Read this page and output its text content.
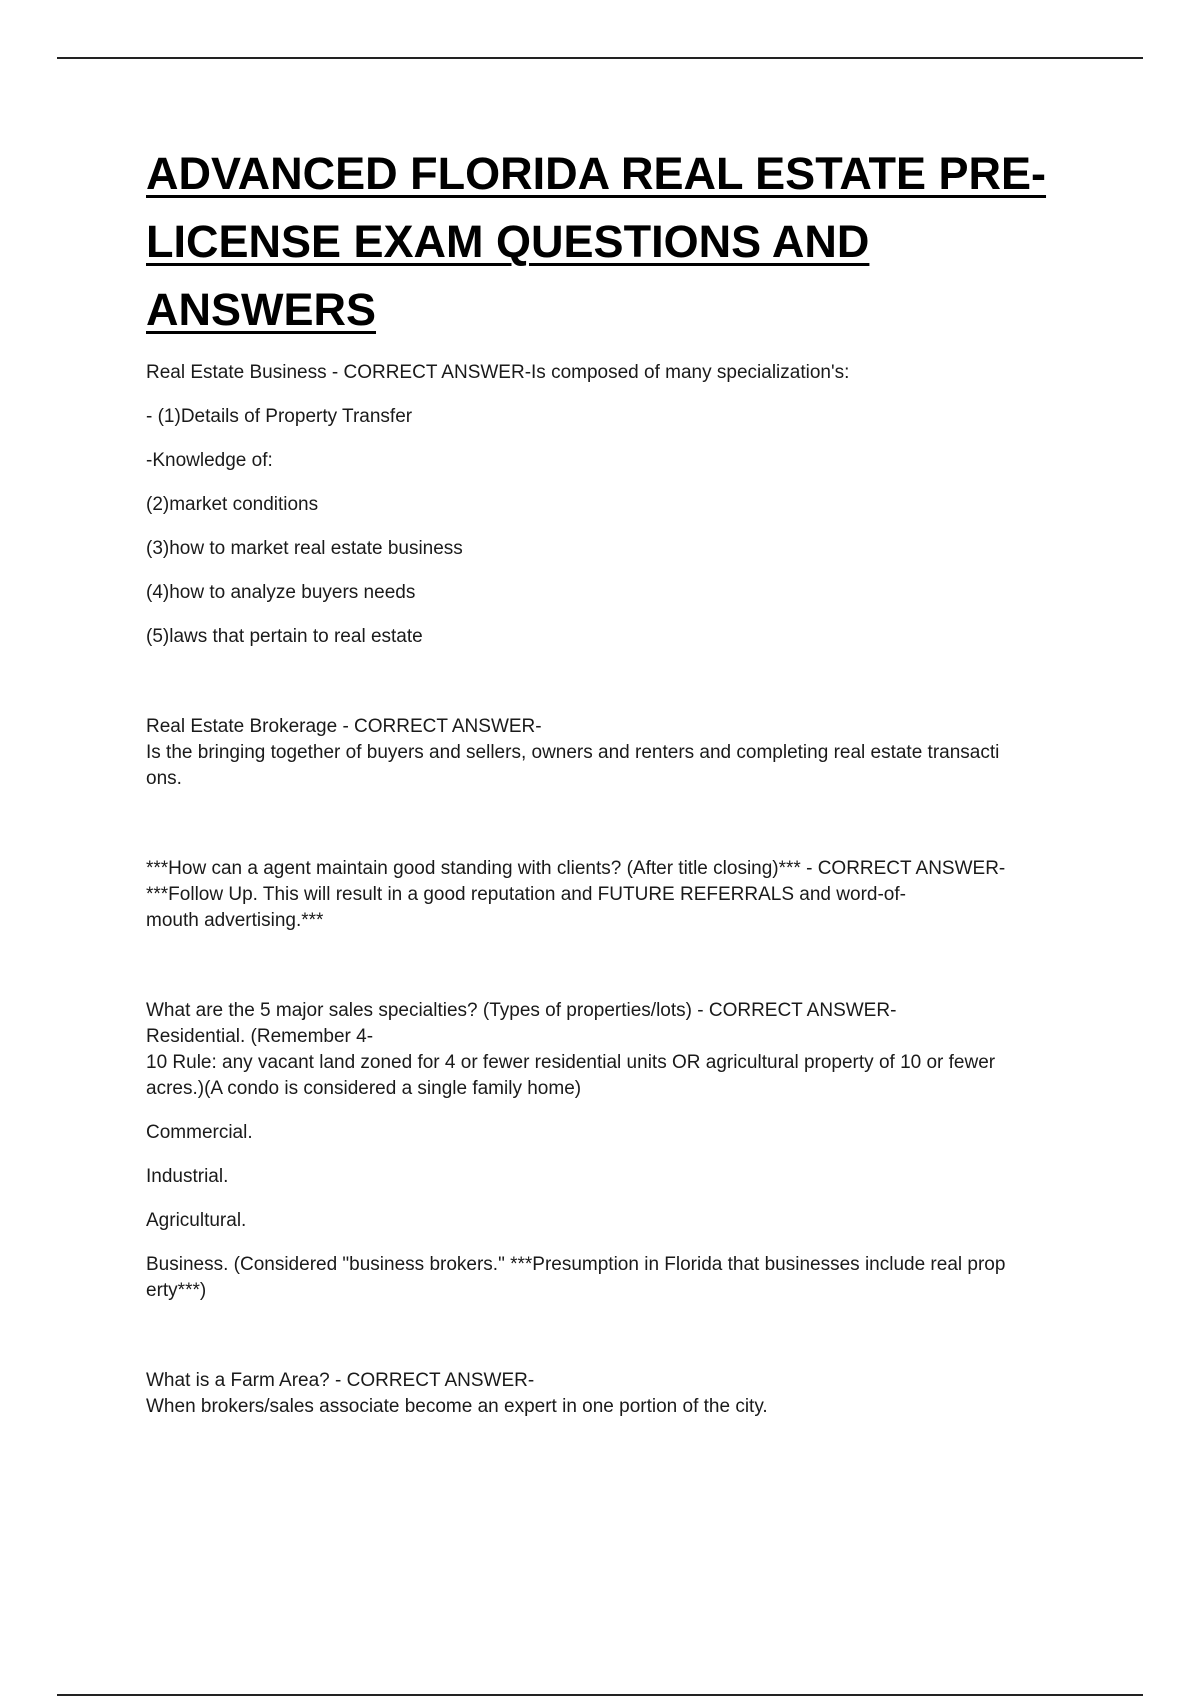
ADVANCED FLORIDA REAL ESTATE PRE-
LICENSE EXAM QUESTIONS AND ANSWERS

Real Estate Business - CORRECT ANSWER-Is composed of many specialization's:

- (1)Details of Property Transfer

-Knowledge of:

(2)market conditions

(3)how to market real estate business

(4)how to analyze buyers needs

(5)laws that pertain to real estate

Real Estate Brokerage - CORRECT ANSWER-

Is the bringing together of buyers and sellers, owners and renters and completing real estate transacti

ons.

***How can a agent maintain good standing with clients? (After title closing)*** - CORRECT ANSWER-

***Follow Up. This will result in a good reputation and FUTURE REFERRALS and word-of-

mouth advertising.***

What are the 5 major sales specialties? (Types of properties/lots) - CORRECT ANSWER-

Residential. (Remember 4-

10 Rule: any vacant land zoned for 4 or fewer residential units OR agricultural property of 10 or fewer

acres.)(A condo is considered a single family home)

Commercial.

Industrial.

Agricultural.

Business. (Considered "business brokers." ***Presumption in Florida that businesses include real prop

erty***)

What is a Farm Area? - CORRECT ANSWER-

When brokers/sales associate become an expert in one portion of the city.
